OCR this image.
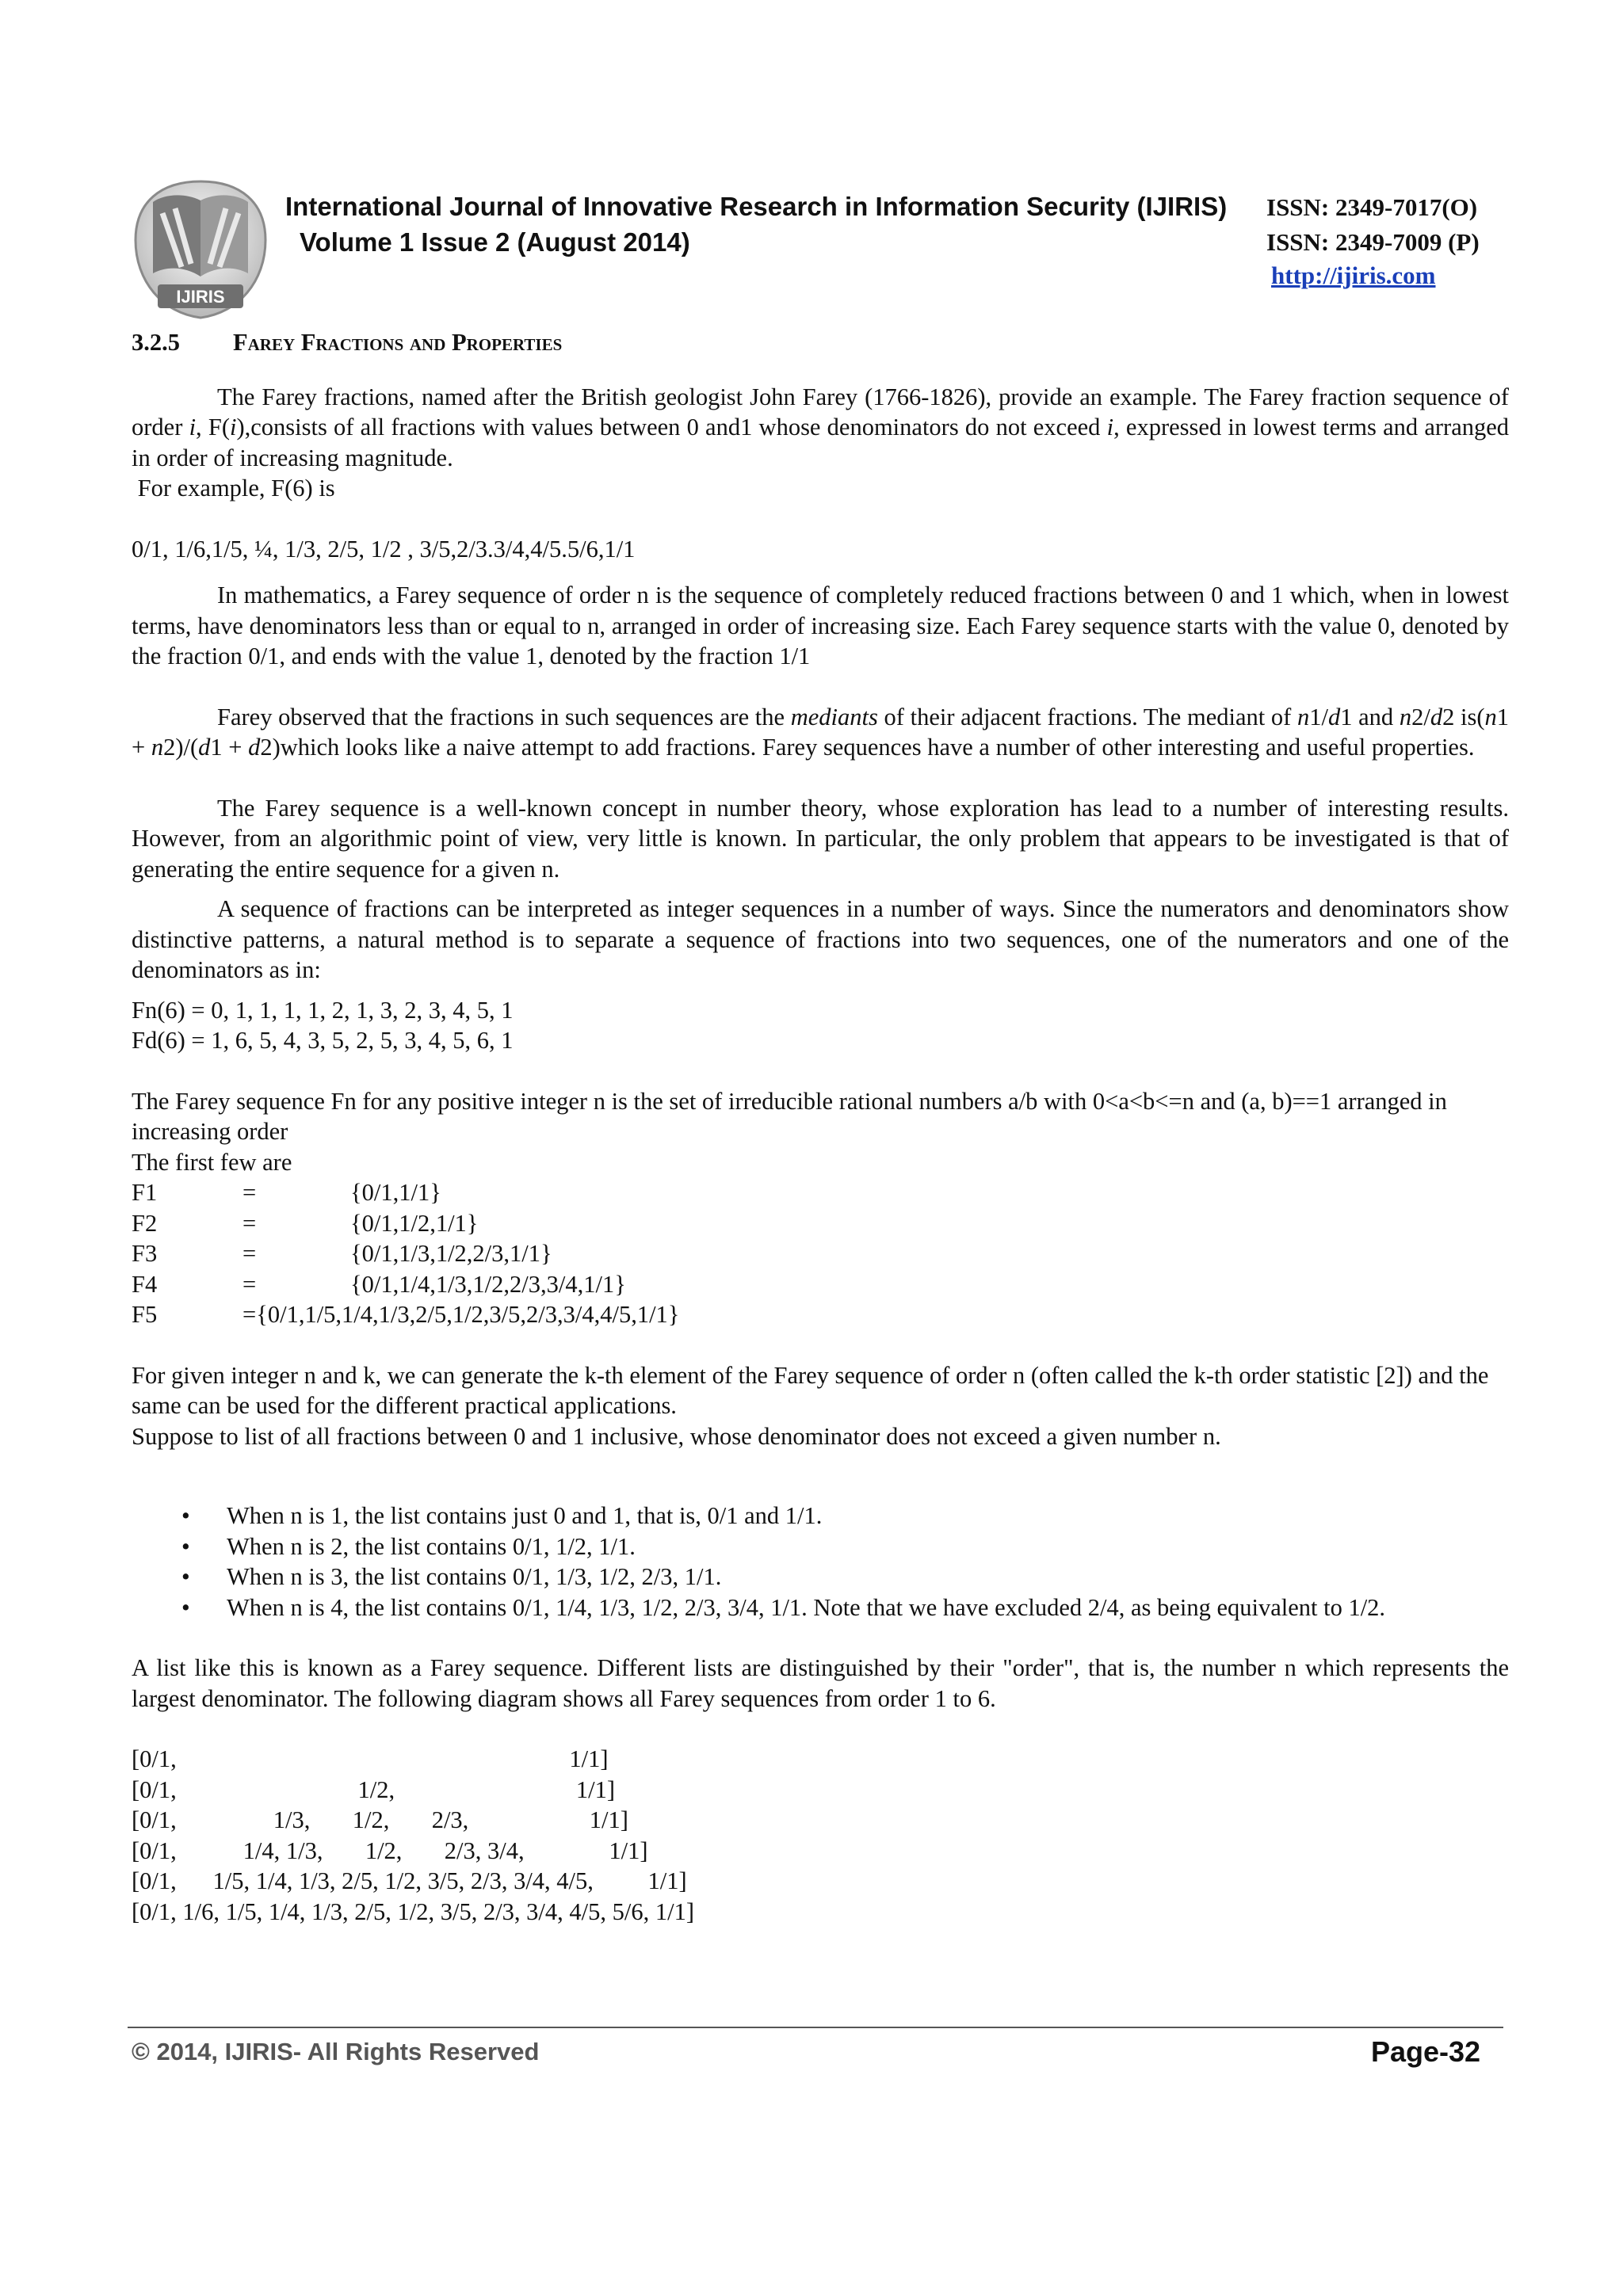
IJIRIS
International Journal of Innovative Research in Information Security (IJIRIS)
Volume 1 Issue 2 (August 2014)
ISSN: 2349-7017(O)
ISSN: 2349-7009 (P)
http://ijiris.com
3.2.5 Farey Fractions and Properties

The Farey fractions, named after the British geologist John Farey (1766-1826), provide an example. The Farey fraction sequence of order i, F(i),consists of all fractions with values between 0 and1 whose denominators do not exceed i, expressed in lowest terms and arranged in order of increasing magnitude.

For example, F(6) is

0/1, 1/6,1/5, ¼, 1/3, 2/5, 1/2 , 3/5,2/3.3/4,4/5.5/6,1/1

In mathematics, a Farey sequence of order n is the sequence of completely reduced fractions between 0 and 1 which, when in lowest terms, have denominators less than or equal to n, arranged in order of increasing size. Each Farey sequence starts with the value 0, denoted by the fraction 0/1, and ends with the value 1, denoted by the fraction 1/1

Farey observed that the fractions in such sequences are the mediants of their adjacent fractions. The mediant of n1/d1 and n2/d2 is(n1 + n2)/(d1 + d2)which looks like a naive attempt to add fractions. Farey sequences have a number of other interesting and useful properties.

The Farey sequence is a well-known concept in number theory, whose exploration has lead to a number of interesting results. However, from an algorithmic point of view, very little is known. In particular, the only problem that appears to be investigated is that of generating the entire sequence for a given n.

A sequence of fractions can be interpreted as integer sequences in a number of ways. Since the numerators and denominators show distinctive patterns, a natural method is to separate a sequence of fractions into two sequences, one of the numerators and one of the denominators as in:

Fn(6) = 0, 1, 1, 1, 1, 2, 1, 3, 2, 3, 4, 5, 1

Fd(6) = 1, 6, 5, 4, 3, 5, 2, 5, 3, 4, 5, 6, 1

The Farey sequence Fn for any positive integer n is the set of irreducible rational numbers a/b with 0<a<b<=n and (a, b)==1 arranged in increasing order

The first few are

F1	=	{0/1,1/1}
F2	=	{0/1,1/2,1/1}
F3	=	{0/1,1/3,1/2,2/3,1/1}
F4	=	{0/1,1/4,1/3,1/2,2/3,3/4,1/1}
F5	={0/1,1/5,1/4,1/3,2/5,1/2,3/5,2/3,3/4,4/5,1/1}

For given integer n and k, we can generate the k-th element of the Farey sequence of order n (often called the k-th order statistic [2]) and the same can be used for the different practical applications.

Suppose to list of all fractions between 0 and 1 inclusive, whose denominator does not exceed a given number n.

• When n is 1, the list contains just 0 and 1, that is, 0/1 and 1/1.
• When n is 2, the list contains 0/1, 1/2, 1/1.
• When n is 3, the list contains 0/1, 1/3, 1/2, 2/3, 1/1.
• When n is 4, the list contains 0/1, 1/4, 1/3, 1/2, 2/3, 3/4, 1/1. Note that we have excluded 2/4, as being equivalent to 1/2.

A list like this is known as a Farey sequence. Different lists are distinguished by their "order", that is, the number n which represents the largest denominator. The following diagram shows all Farey sequences from order 1 to 6.

[0/1,                                                                 1/1]
[0/1,                              1/2,                              1/1]
[0/1,                1/3,       1/2,       2/3,                    1/1]
[0/1,           1/4, 1/3,       1/2,       2/3, 3/4,              1/1]
[0/1,      1/5, 1/4, 1/3, 2/5, 1/2, 3/5, 2/3, 3/4, 4/5,         1/1]
[0/1, 1/6, 1/5, 1/4, 1/3, 2/5, 1/2, 3/5, 2/3, 3/4, 4/5, 5/6, 1/1]
© 2014, IJIRIS- All Rights Reserved	Page-32
